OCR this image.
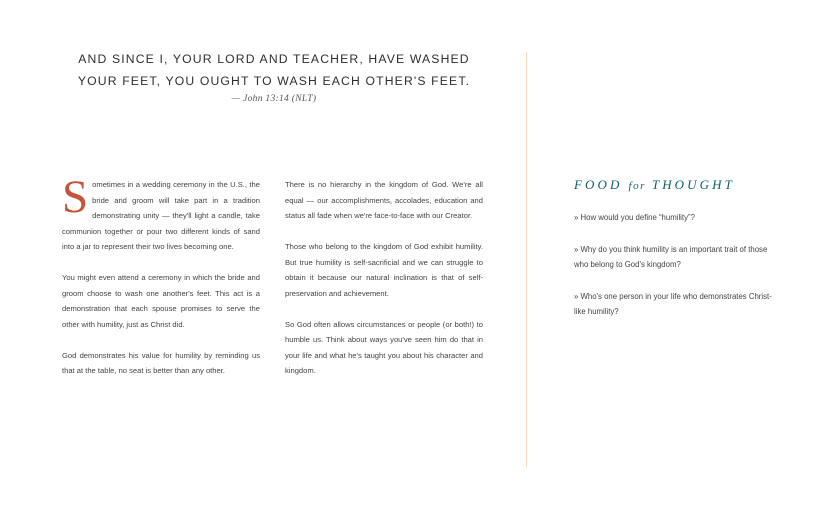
AND SINCE I, YOUR LORD AND TEACHER, HAVE WASHED
YOUR FEET, YOU OUGHT TO WASH EACH OTHER'S FEET.
— John 13:14 (NLT)

Sometimes in a wedding ceremony in the U.S., the bride and groom will take part in a tradition demonstrating unity — they'll light a candle, take communion together or pour two different kinds of sand into a jar to represent their two lives becoming one.

You might even attend a ceremony in which the bride and groom choose to wash one another's feet. This act is a demonstration that each spouse promises to serve the other with humility, just as Christ did.

God demonstrates his value for humility by reminding us that at the table, no seat is better than any other.

There is no hierarchy in the kingdom of God. We're all equal — our accomplishments, accolades, education and status all fade when we're face-to-face with our Creator.

Those who belong to the kingdom of God exhibit humility. But true humility is self-sacrificial and we can struggle to obtain it because our natural inclination is that of self-preservation and achievement.

So God often allows circumstances or people (or both!) to humble us. Think about ways you've seen him do that in your life and what he's taught you about his character and kingdom.

FOOD for THOUGHT
» How would you define “humility”?
» Why do you think humility is an important trait of those who belong to God's kingdom?
» Who's one person in your life who demonstrates Christ-like humility?
